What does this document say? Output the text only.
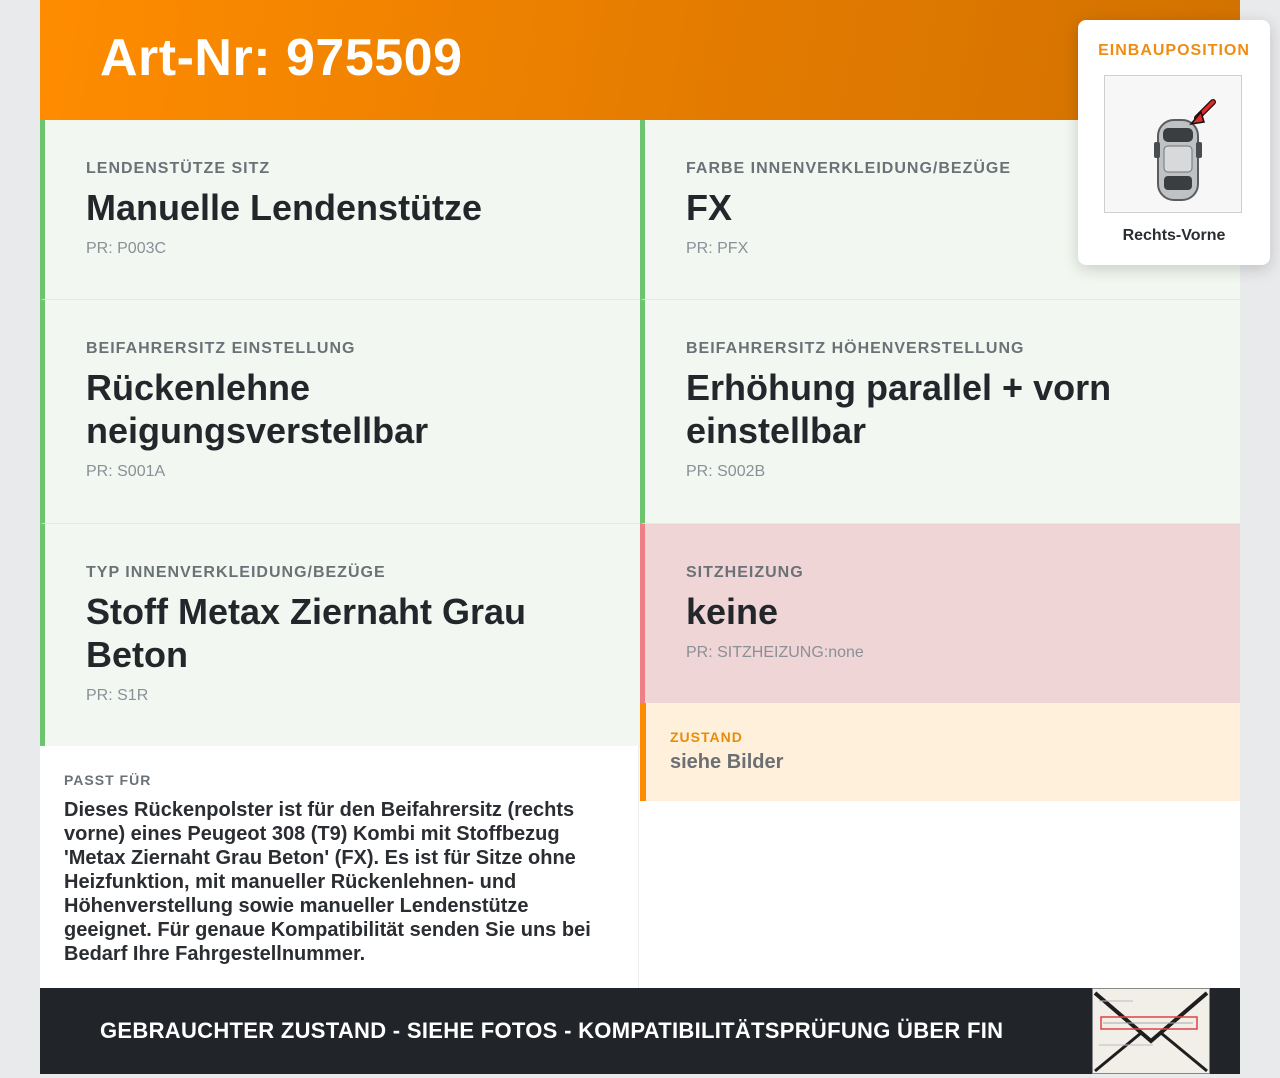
Art-Nr: 975509
LENDENSTÜTZE SITZ
Manuelle Lendenstütze
PR: P003C
FARBE INNENVERKLEIDUNG/BEZÜGE
FX
PR: PFX
BEIFAHRERSITZ EINSTELLUNG
Rückenlehne neigungsverstellbar
PR: S001A
BEIFAHRERSITZ HÖHENVERSTELLUNG
Erhöhung parallel + vorn einstellbar
PR: S002B
TYP INNENVERKLEIDUNG/BEZÜGE
Stoff Metax Ziernaht Grau Beton
PR: S1R
SITZHEIZUNG
keine
PR: SITZHEIZUNG:none
ZUSTAND
siehe Bilder
PASST FÜR
Dieses Rückenpolster ist für den Beifahrersitz (rechts vorne) eines Peugeot 308 (T9) Kombi mit Stoffbezug 'Metax Ziernaht Grau Beton' (FX). Es ist für Sitze ohne Heizfunktion, mit manueller Rückenlehnen- und Höhenverstellung sowie manueller Lendenstütze geeignet. Für genaue Kompatibilität senden Sie uns bei Bedarf Ihre Fahrgestellnummer.
GEBRAUCHTER ZUSTAND - SIEHE FOTOS - KOMPATIBILITÄTSPRÜFUNG ÜBER FIN
EINBAUPOSITION
Rechts-Vorne
